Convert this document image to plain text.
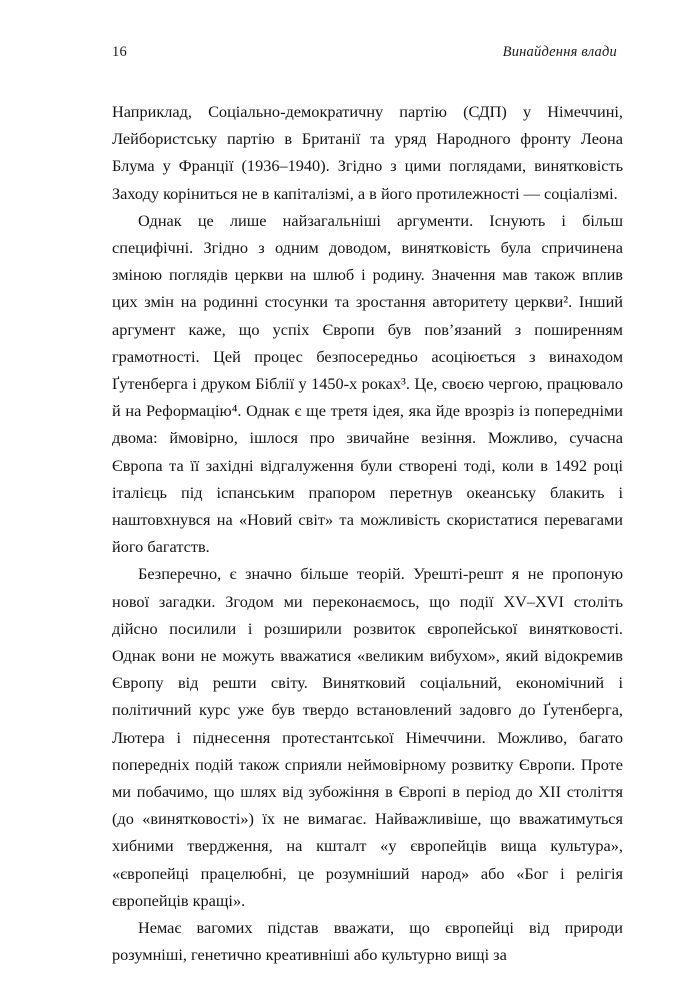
16	Винайдення влади

Наприклад, Соціально-демократичну партію (СДП) у Німеччині, Лейбористську партію в Британії та уряд Народного фронту Леона Блума у Франції (1936–1940). Згідно з цими поглядами, винятковість Заходу коріниться не в капіталізмі, а в його протилежності — соціалізмі.

Однак це лише найзагальніші аргументи. Існують і більш специфічні. Згідно з одним доводом, винятковість була спричинена зміною поглядів церкви на шлюб і родину. Значення мав також вплив цих змін на родинні стосунки та зростання авторитету церкви². Інший аргумент каже, що успіх Європи був пов’язаний з поширенням грамотності. Цей процес безпосередньо асоціюється з винаходом Ґутенберга і друком Біблії у 1450-х роках³. Це, своєю чергою, працювало й на Реформацію⁴. Однак є ще третя ідея, яка йде врозріз із попередніми двома: ймовірно, ішлося про звичайне везіння. Можливо, сучасна Європа та її західні відгалуження були створені тоді, коли в 1492 році італієць під іспанським прапором перетнув океанську блакить і наштовхнувся на «Новий світ» та можливість скористатися перевагами його багатств.

Безперечно, є значно більше теорій. Урешті-решт я не пропоную нової загадки. Згодом ми переконаємось, що події XV–XVI століть дійсно посилили і розширили розвиток європейської винятковості. Однак вони не можуть вважатися «великим вибухом», який відокремив Європу від решти світу. Винятковий соціальний, економічний і політичний курс уже був твердо встановлений задовго до Ґутенберга, Лютера і піднесення протестантської Німеччини. Можливо, багато попередніх подій також сприяли неймовірному розвитку Європи. Проте ми побачимо, що шлях від зубожіння в Європі в період до XII століття (до «винятковості») їх не вимагає. Найважливіше, що вважатимуться хибними твердження, на кшталт «у європейців вища культура», «європейці працелюбні, це розумніший народ» або «Бог і релігія європейців кращі».

Немає вагомих підстав вважати, що європейці від природи розумніші, генетично креативніші або культурно вищі за
